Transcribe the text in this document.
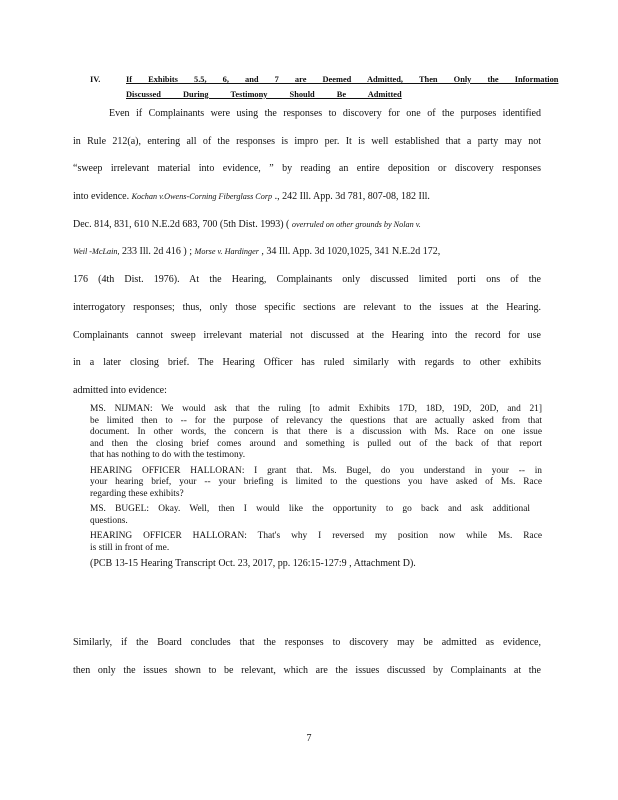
IV.	If Exhibits 5.5, 6, and 7 are Deemed Admitted, Then Only the Information
Discussed During Testimony Should Be Admitted
Even if Complainants were using the responses to discovery for one of the purposes identified
in Rule 212(a), entering all of the responses is impro per. It is well established that a party may not
“sweep irrelevant material into evidence, ” by reading an entire deposition or discovery responses
into evidence. Kochan v.Owens-Corning Fiberglass Corp ., 242 Ill. App. 3d 781, 807-08, 182 Ill.
Dec. 814, 831, 610 N.E.2d 683, 700 (5th Dist. 1993) ( overruled on other grounds by Nolan v.
Weil -McLain, 233 Ill. 2d 416 ) ; Morse v. Hardinger , 34 Ill. App. 3d 1020,1025, 341 N.E.2d 172,
176 (4th Dist. 1976). At the Hearing, Complainants only discussed limited porti ons of the
interrogatory responses; thus, only those specific sections are relevant to the issues at the Hearing.
Complainants cannot sweep irrelevant material not discussed at the Hearing into the record for use
in a later closing brief. The Hearing Officer has ruled similarly with regards to other exhibits
admitted into evidence:
MS. NIJMAN: We would ask that the ruling [to admit Exhibits 17D, 18D, 19D, 20D, and 21]
be limited then to -- for the purpose of relevancy the questions that are actually asked from that
document. In other words, the concern is that there is a discussion with Ms. Race on one issue
and then the closing brief comes around and something is pulled out of the back of that report
that has nothing to do with the testimony.
HEARING OFFICER HALLORAN: I grant that. Ms. Bugel, do you understand in your -- in
your hearing brief, your -- your briefing is limited to the questions you have asked of Ms. Race
regarding these exhibits?
MS. BUGEL: Okay. Well, then I would like the opportunity to go back and ask additional
questions.
HEARING OFFICER HALLORAN: That's why I reversed my position now while Ms. Race
is still in front of me.
(PCB 13-15 Hearing Transcript Oct. 23, 2017, pp. 126:15-127:9 , Attachment D).
Similarly, if the Board concludes that the responses to discovery may be admitted as evidence,
then only the issues shown to be relevant, which are the issues discussed by Complainants at the
7
